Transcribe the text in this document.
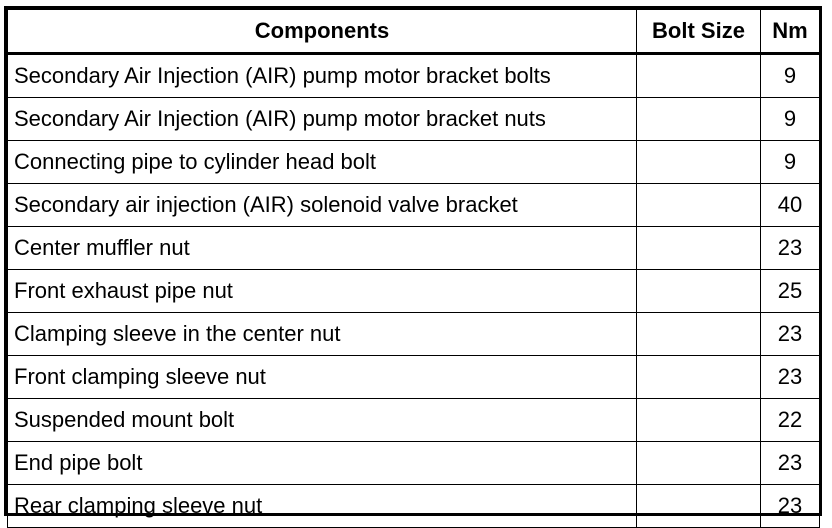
Components	Bolt Size	Nm
Secondary Air Injection (AIR) pump motor bracket bolts		9
Secondary Air Injection (AIR) pump motor bracket nuts		9
Connecting pipe to cylinder head bolt		9
Secondary air injection (AIR) solenoid valve bracket		40
Center muffler nut		23
Front exhaust pipe nut		25
Clamping sleeve in the center nut		23
Front clamping sleeve nut		23
Suspended mount bolt		22
End pipe bolt		23
Rear clamping sleeve nut		23
